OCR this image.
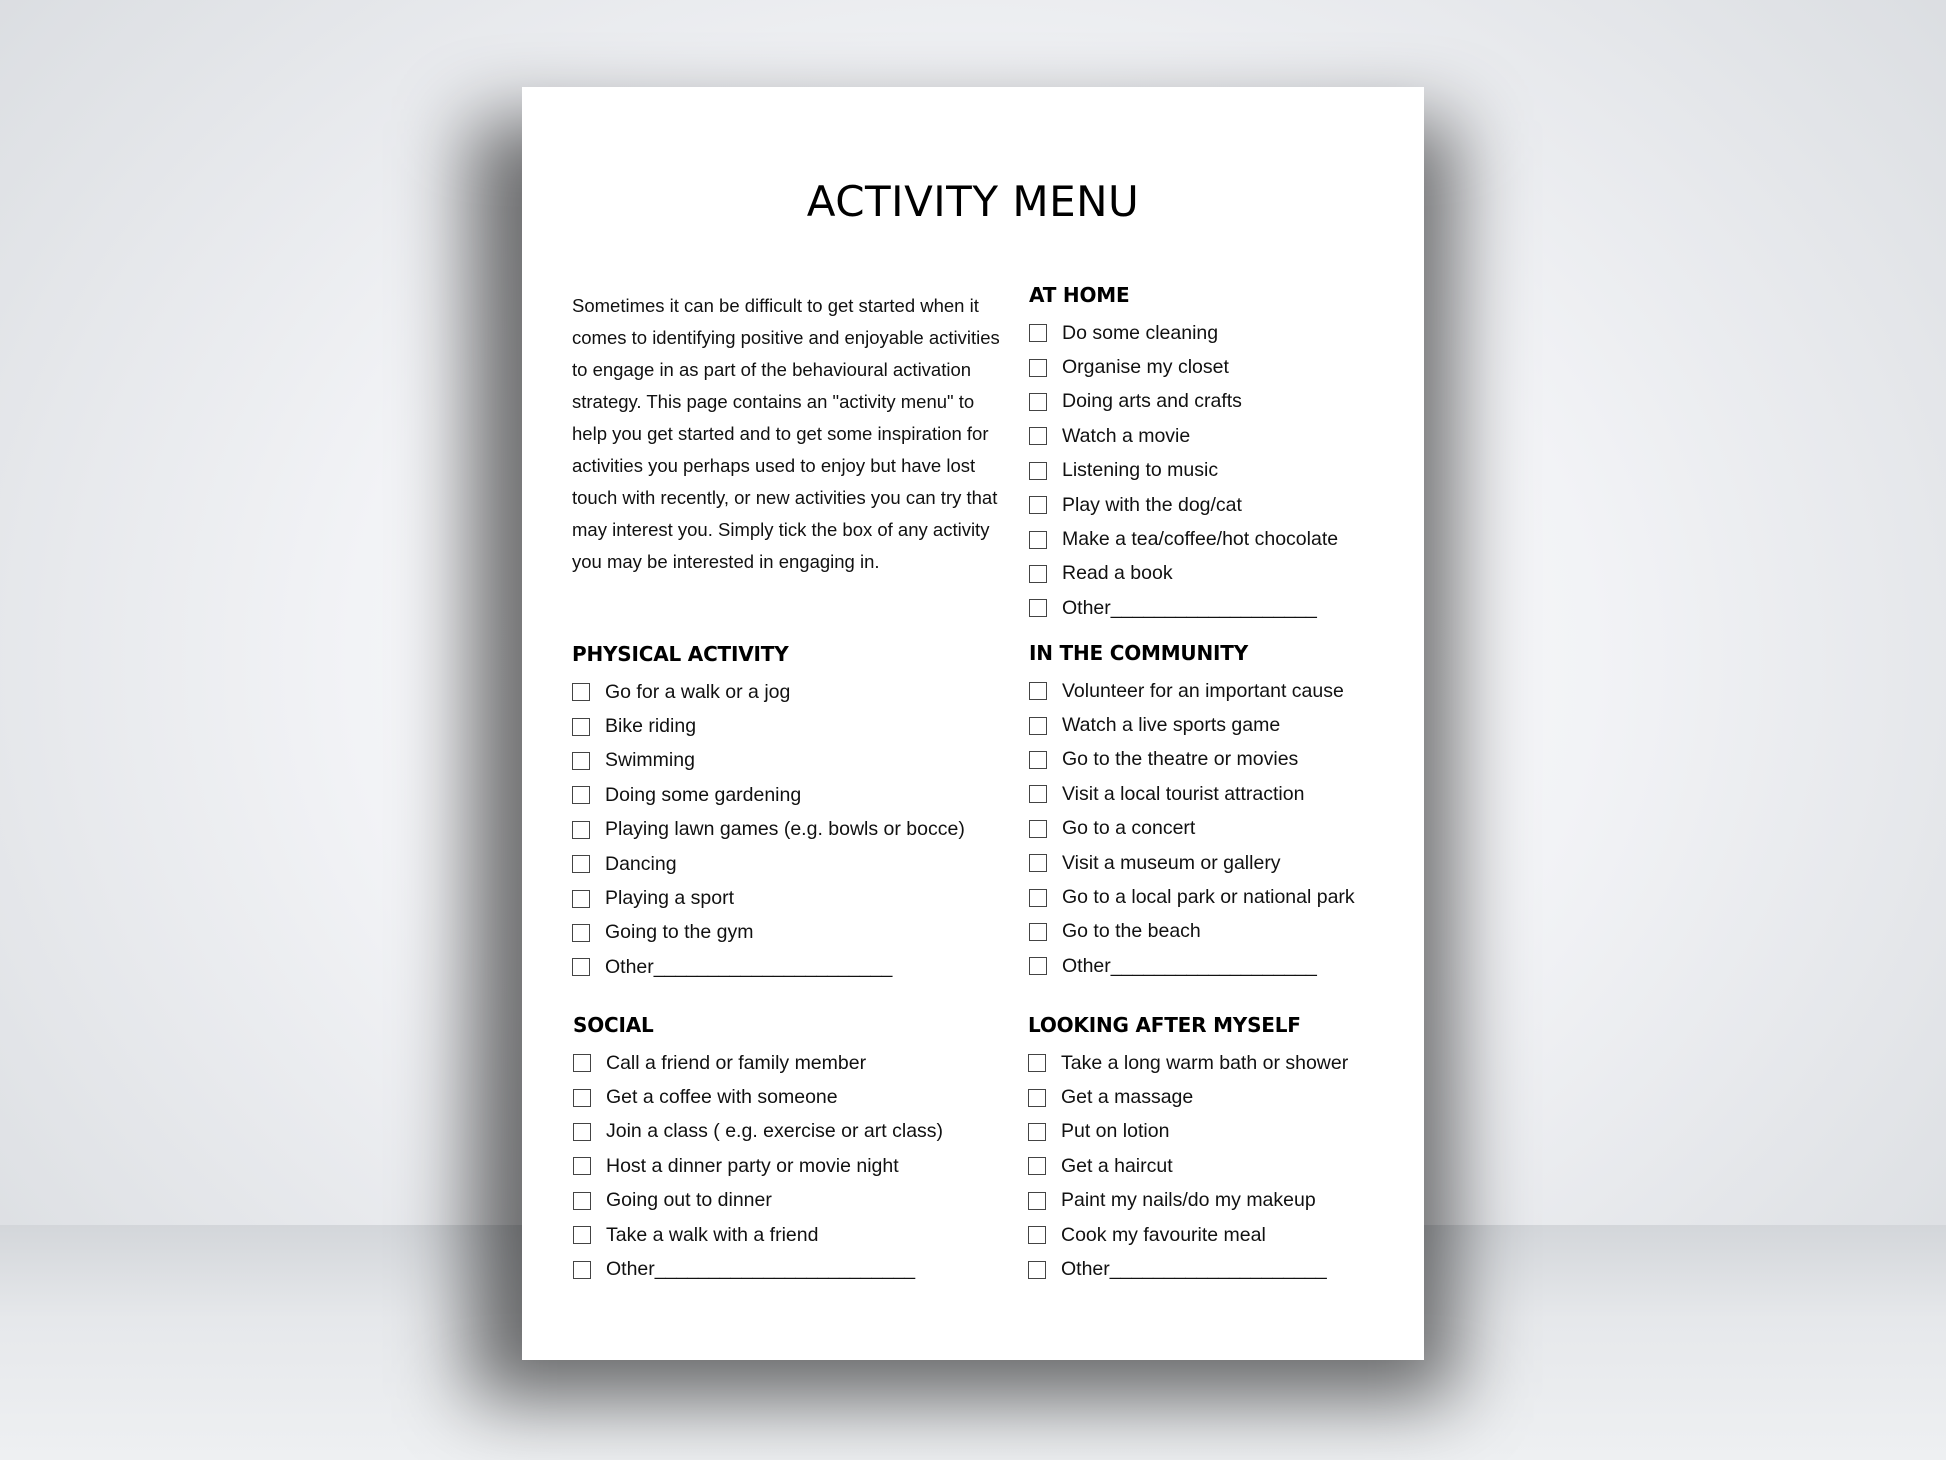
ACTIVITY MENU
Sometimes it can be difficult to get started when it comes to identifying positive and enjoyable activities to engage in as part of the behavioural activation strategy. This page contains an "activity menu" to help you get started and to get some inspiration for activities you perhaps used to enjoy but have lost touch with recently, or new activities you can try that may interest you. Simply tick the box of any activity you may be interested in engaging in.
AT HOME
Do some cleaning
Organise my closet
Doing arts and crafts
Watch a movie
Listening to music
Play with the dog/cat
Make a tea/coffee/hot chocolate
Read a book
Other___________________
PHYSICAL ACTIVITY
Go for a walk or a jog
Bike riding
Swimming
Doing some gardening
Playing lawn games (e.g. bowls or bocce)
Dancing
Playing a sport
Going to the gym
Other______________________
IN THE COMMUNITY
Volunteer for an important cause
Watch a live sports game
Go to the theatre or movies
Visit a local tourist attraction
Go to a concert
Visit a museum or gallery
Go to a local park or national park
Go to the beach
Other___________________
SOCIAL
Call a friend or family member
Get a coffee with someone
Join a class ( e.g. exercise or art class)
Host a dinner party or movie night
Going out to dinner
Take a walk with a friend
Other________________________
LOOKING AFTER MYSELF
Take a long warm bath or shower
Get a massage
Put on lotion
Get a haircut
Paint my nails/do my makeup
Cook my favourite meal
Other____________________
